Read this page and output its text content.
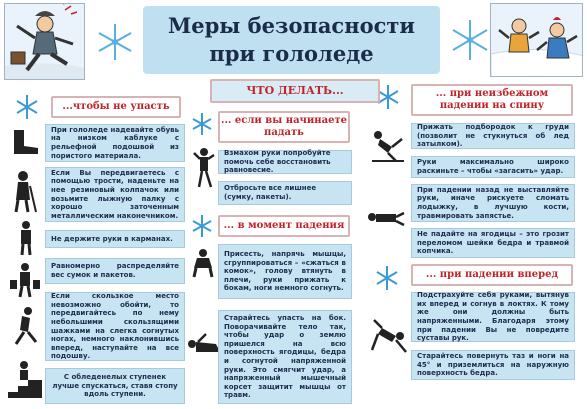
Меры безопасности
при гололеде
ЧТО ДЕЛАТЬ...
...чтобы не упасть
... если вы начинаете падать
... в момент падения
... при неизбежном падении на спину
... при падении вперед
При гололеде надевайте обувь на низком каблуке с рельефной подошвой из пористого материала.
Если Вы передвигаетесь с помощью трости, наденьте на нее резиновый колпачок или возьмите лыжную палку с хорошо заточенным металлическим наконечником.
Не держите руки в карманах.
Равномерно распределяйте вес сумок и пакетов.
Если скользкое место невозможно обойти, то передвигайтесь по нему небольшими скользящими шажками на слегка согнутых ногах, немного наклонившись вперед, наступайте на все подошву.
С обледенелых ступенек лучше спускаться, ставя стопу вдоль ступени.
Взмахом руки попробуйте помочь себе восстановить равновесие.
Отбросьте все лишнее (сумку, пакеты).
Присесть, напрячь мышцы, сгруппироваться – «сжаться в комок», голову втянуть в плечи, руки прижать к бокам, ноги немного согнуть.
Старайтесь упасть на бок. Поворачивайте тело так, чтобы удар о землю пришелся на всю поверхность ягодицы, бедра и согнутой напряженной руки. Это смягчит удар, а напряженный мышечный корсет защитит мышцы от травм.
Прижать подбородок к груди (позволит не стукнуться об лед затылком).
Руки максимально широко раскиньте – чтобы «загасить» удар.
При падении назад не выставляйте руки, иначе рискуете сломать лодыжку, в лучшую кости, травмировать запястье.
Не падайте на ягодицы – это грозит переломом шейки бедра и травмой копчика.
Подстрахуйте себя руками, вытянув их вперед и согнув в локтях. К тому же они должны быть напряженными. Благодаря этому при падении Вы не повредите суставы рук.
Старайтесь повернуть таз и ноги на 45° и приземлиться на наружную поверхность бедра.
